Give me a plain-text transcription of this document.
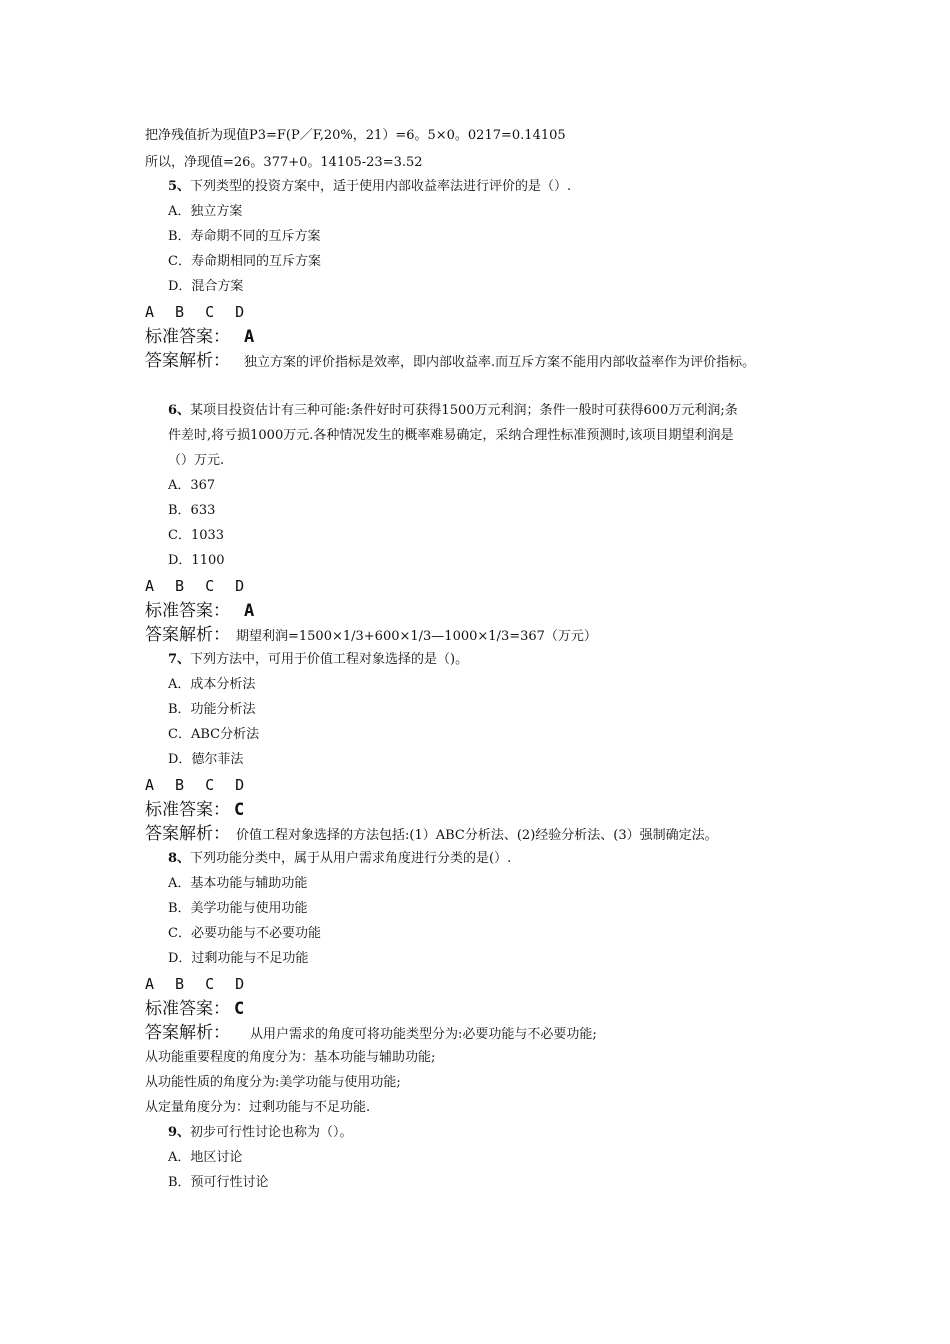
把净残值折为现值P3=F(P／F,20%，21）=6。5×0。0217=0.14105
所以，净现值=26。377+0。14105-23=3.52
5、下列类型的投资方案中，适于使用内部收益率法进行评价的是（）.
A．独立方案
B．寿命期不同的互斥方案
C．寿命期相同的互斥方案
D．混合方案
A B C D
标准答案： A
答案解析： 独立方案的评价指标是效率，即内部收益率.而互斥方案不能用内部收益率作为评价指标。
6、某项目投资估计有三种可能:条件好时可获得1500万元利润；条件一般时可获得600万元利润;条
件差时,将亏损1000万元.各种情况发生的概率难易确定，采纳合理性标准预测时,该项目期望利润是
（）万元.
A．367
B．633
C．1033
D．1100
A B C D
标准答案： A
答案解析： 期望利润=1500×1/3+600×1/3—1000×1/3=367（万元）
7、下列方法中，可用于价值工程对象选择的是（)。
A．成本分析法
B．功能分析法
C．ABC分析法
D．德尔菲法
A B C D
标准答案： C
答案解析： 价值工程对象选择的方法包括:(1）ABC分析法、(2)经验分析法、(3）强制确定法。
8、下列功能分类中，属于从用户需求角度进行分类的是(）.
A．基本功能与辅助功能
B．美学功能与使用功能
C．必要功能与不必要功能
D．过剩功能与不足功能
A B C D
标准答案： C
答案解析： 从用户需求的角度可将功能类型分为:必要功能与不必要功能;
从功能重要程度的角度分为：基本功能与辅助功能;
从功能性质的角度分为:美学功能与使用功能;
从定量角度分为：过剩功能与不足功能.
9、初步可行性讨论也称为（）。
A．地区讨论
B．预可行性讨论
